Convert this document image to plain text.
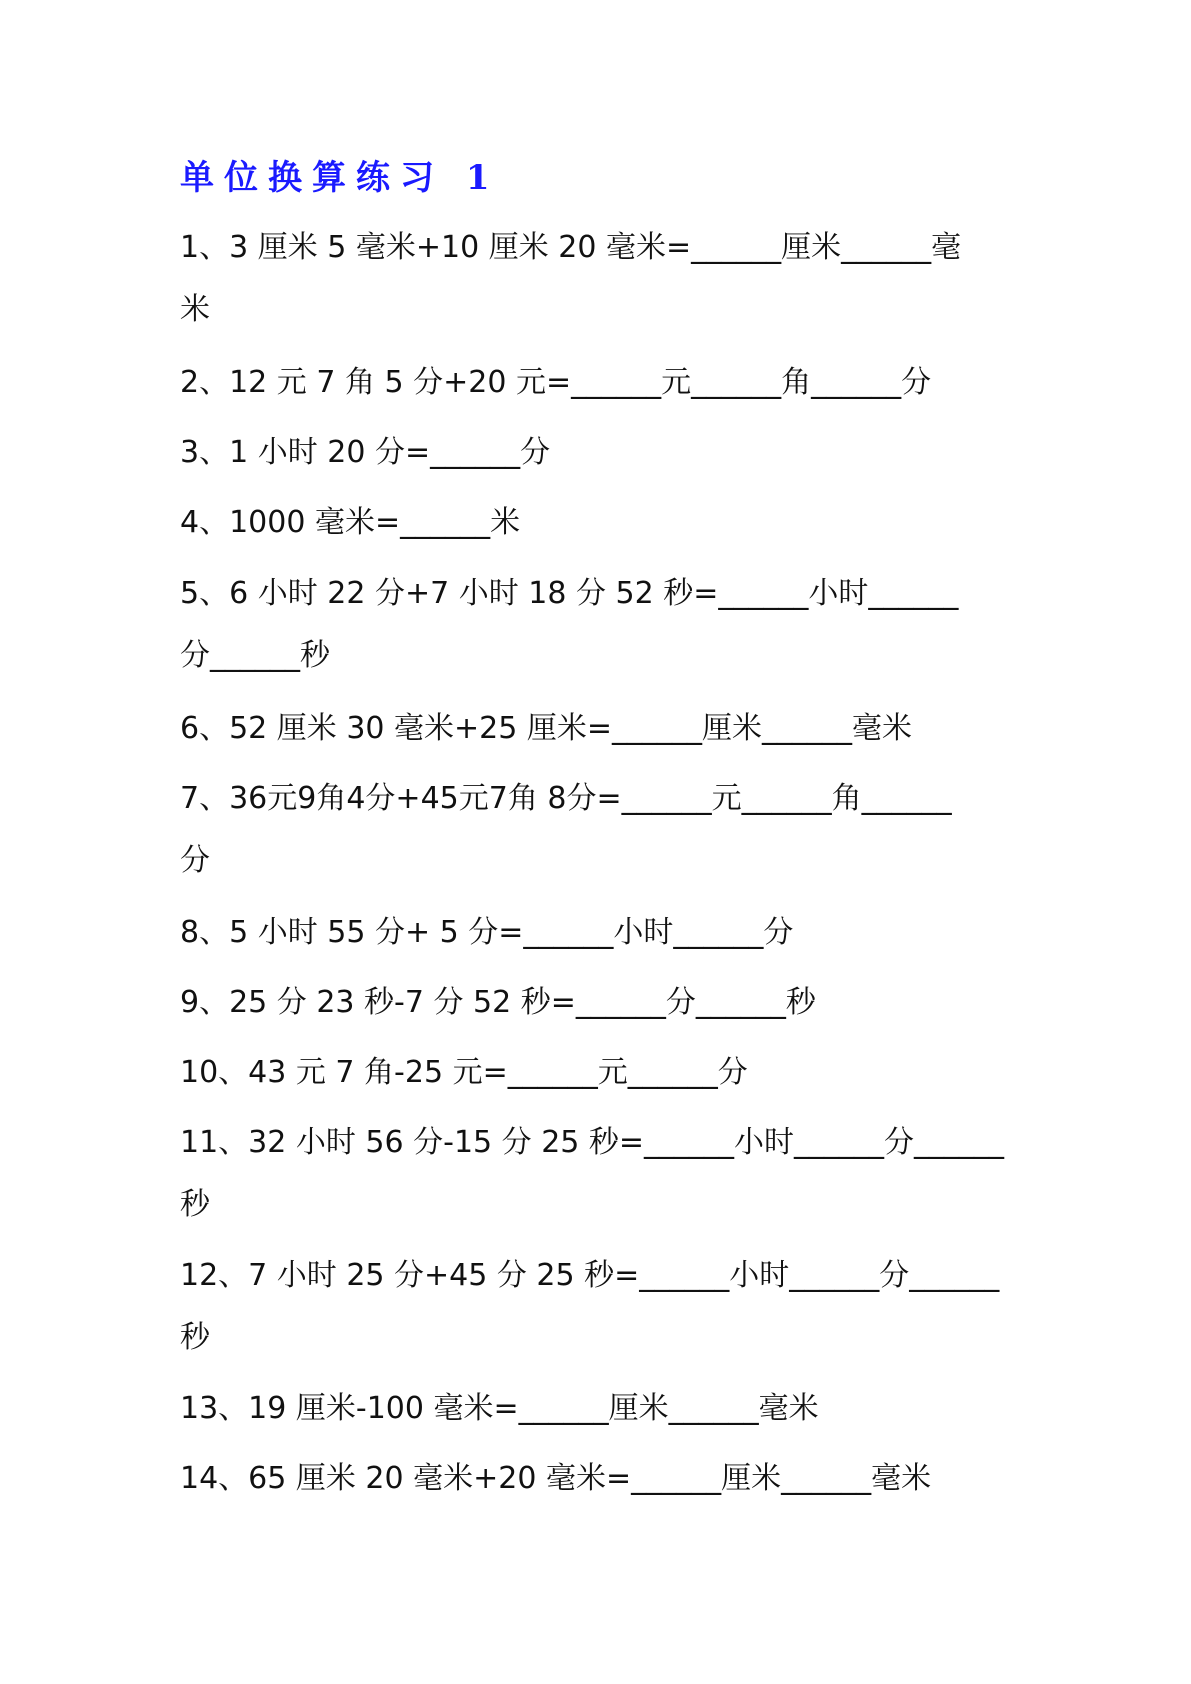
单位换算练习 1
1、3 厘米 5 毫米+10 厘米 20 毫米=______厘米______毫
米
2、12 元 7 角 5 分+20 元=______元______角______分
3、1 小时 20 分=______分
4、1000 毫米=______米
5、6 小时 22 分+7 小时 18 分 52 秒=______小时______
分______秒
6、52 厘米 30 毫米+25 厘米=______厘米______毫米
7、36元9角4分+45元7角 8分=______元______角______
分
8、5 小时 55 分+ 5 分=______小时______分
9、25 分 23 秒-7 分 52 秒=______分______秒
10、43 元 7 角-25 元=______元______分
11、32 小时 56 分-15 分 25 秒=______小时______分______
秒
12、7 小时 25 分+45 分 25 秒=______小时______分______
秒
13、19 厘米-100 毫米=______厘米______毫米
14、65 厘米 20 毫米+20 毫米=______厘米______毫米
